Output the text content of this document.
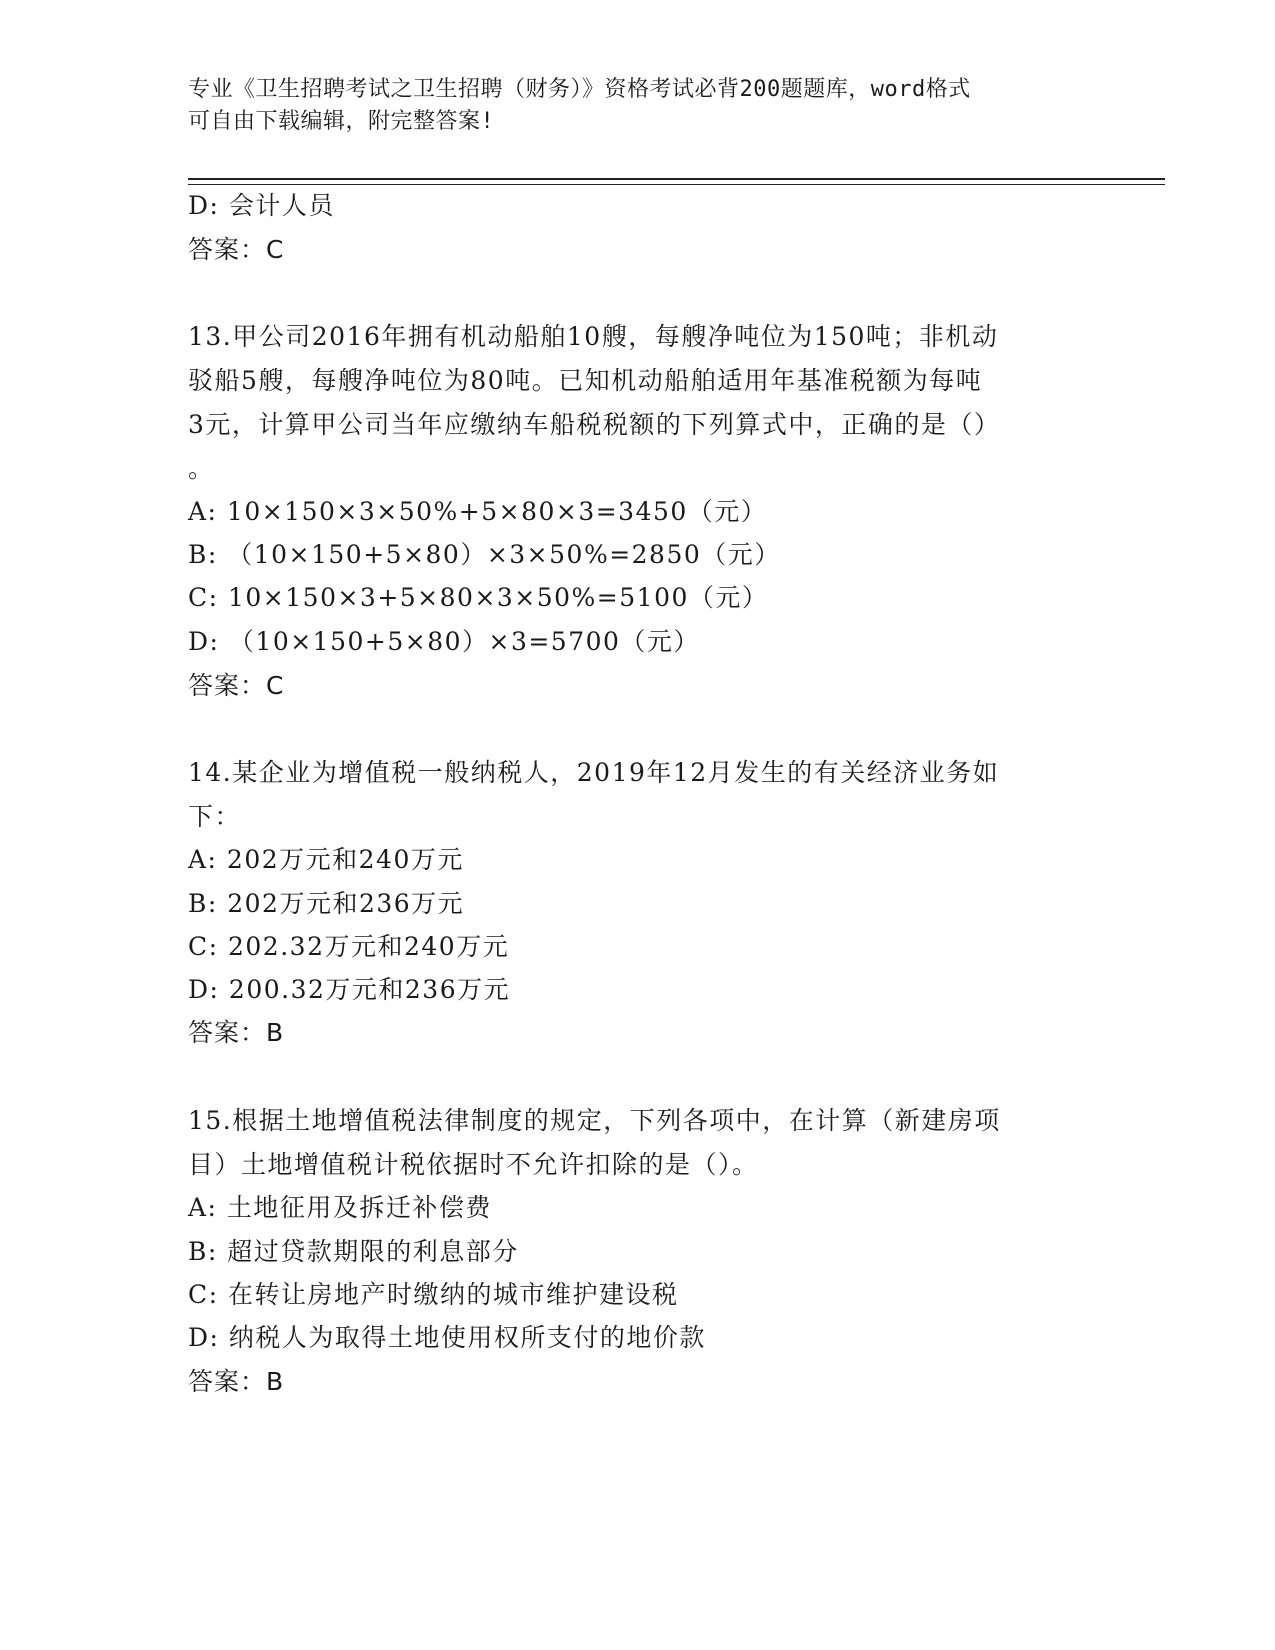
专业《卫生招聘考试之卫生招聘（财务）》资格考试必背200题题库，word格式
可自由下载编辑，附完整答案!
D: 会计人员
答案：C
13.甲公司2016年拥有机动船舶10艘，每艘净吨位为150吨；非机动
驳船5艘，每艘净吨位为80吨。已知机动船舶适用年基准税额为每吨
3元，计算甲公司当年应缴纳车船税税额的下列算式中，正确的是（）
。
A: 10×150×3×50%+5×80×3=3450（元）
B: （10×150+5×80）×3×50%=2850（元）
C: 10×150×3+5×80×3×50%=5100（元）
D: （10×150+5×80）×3=5700（元）
答案：C
14.某企业为增值税一般纳税人，2019年12月发生的有关经济业务如
下：
A: 202万元和240万元
B: 202万元和236万元
C: 202.32万元和240万元
D: 200.32万元和236万元
答案：B
15.根据土地增值税法律制度的规定，下列各项中，在计算（新建房项
目）土地增值税计税依据时不允许扣除的是（）。
A: 土地征用及拆迁补偿费
B: 超过贷款期限的利息部分
C: 在转让房地产时缴纳的城市维护建设税
D: 纳税人为取得土地使用权所支付的地价款
答案：B
